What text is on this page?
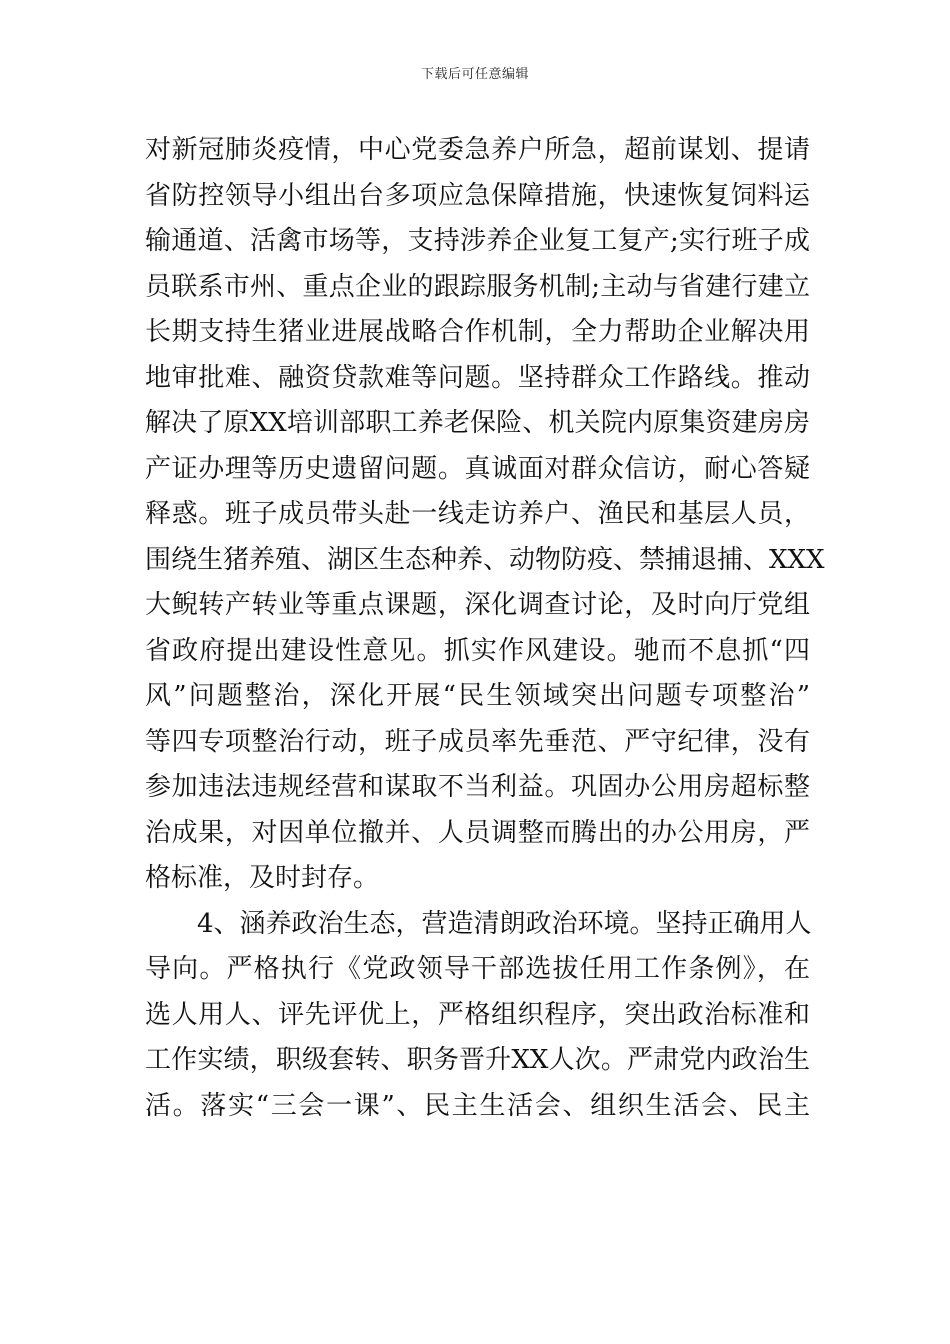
下载后可任意编辑
对新冠肺炎疫情，中心党委急养户所急，超前谋划、提请
省防控领导小组出台多项应急保障措施，快速恢复饲料运
输通道、活禽市场等，支持涉养企业复工复产;实行班子成
员联系市州、重点企业的跟踪服务机制;主动与省建行建立
长期支持生猪业进展战略合作机制，全力帮助企业解决用
地审批难、融资贷款难等问题。坚持群众工作路线。推动
解决了原XX培训部职工养老保险、机关院内原集资建房房
产证办理等历史遗留问题。真诚面对群众信访，耐心答疑
释惑。班子成员带头赴一线走访养户、渔民和基层人员，
围绕生猪养殖、湖区生态种养、动物防疫、禁捕退捕、XXX
大鲵转产转业等重点课题，深化调查讨论，及时向厅党组
省政府提出建设性意见。抓实作风建设。驰而不息抓“四
风”问题整治，深化开展“民生领域突出问题专项整治”
等四专项整治行动，班子成员率先垂范、严守纪律，没有
参加违法违规经营和谋取不当利益。巩固办公用房超标整
治成果，对因单位撤并、人员调整而腾出的办公用房，严
格标准，及时封存。
4、涵养政治生态，营造清朗政治环境。坚持正确用人
导向。严格执行《党政领导干部选拔任用工作条例》，在
选人用人、评先评优上，严格组织程序，突出政治标准和
工作实绩，职级套转、职务晋升XX人次。严肃党内政治生
活。落实“三会一课”、民主生活会、组织生活会、民主
